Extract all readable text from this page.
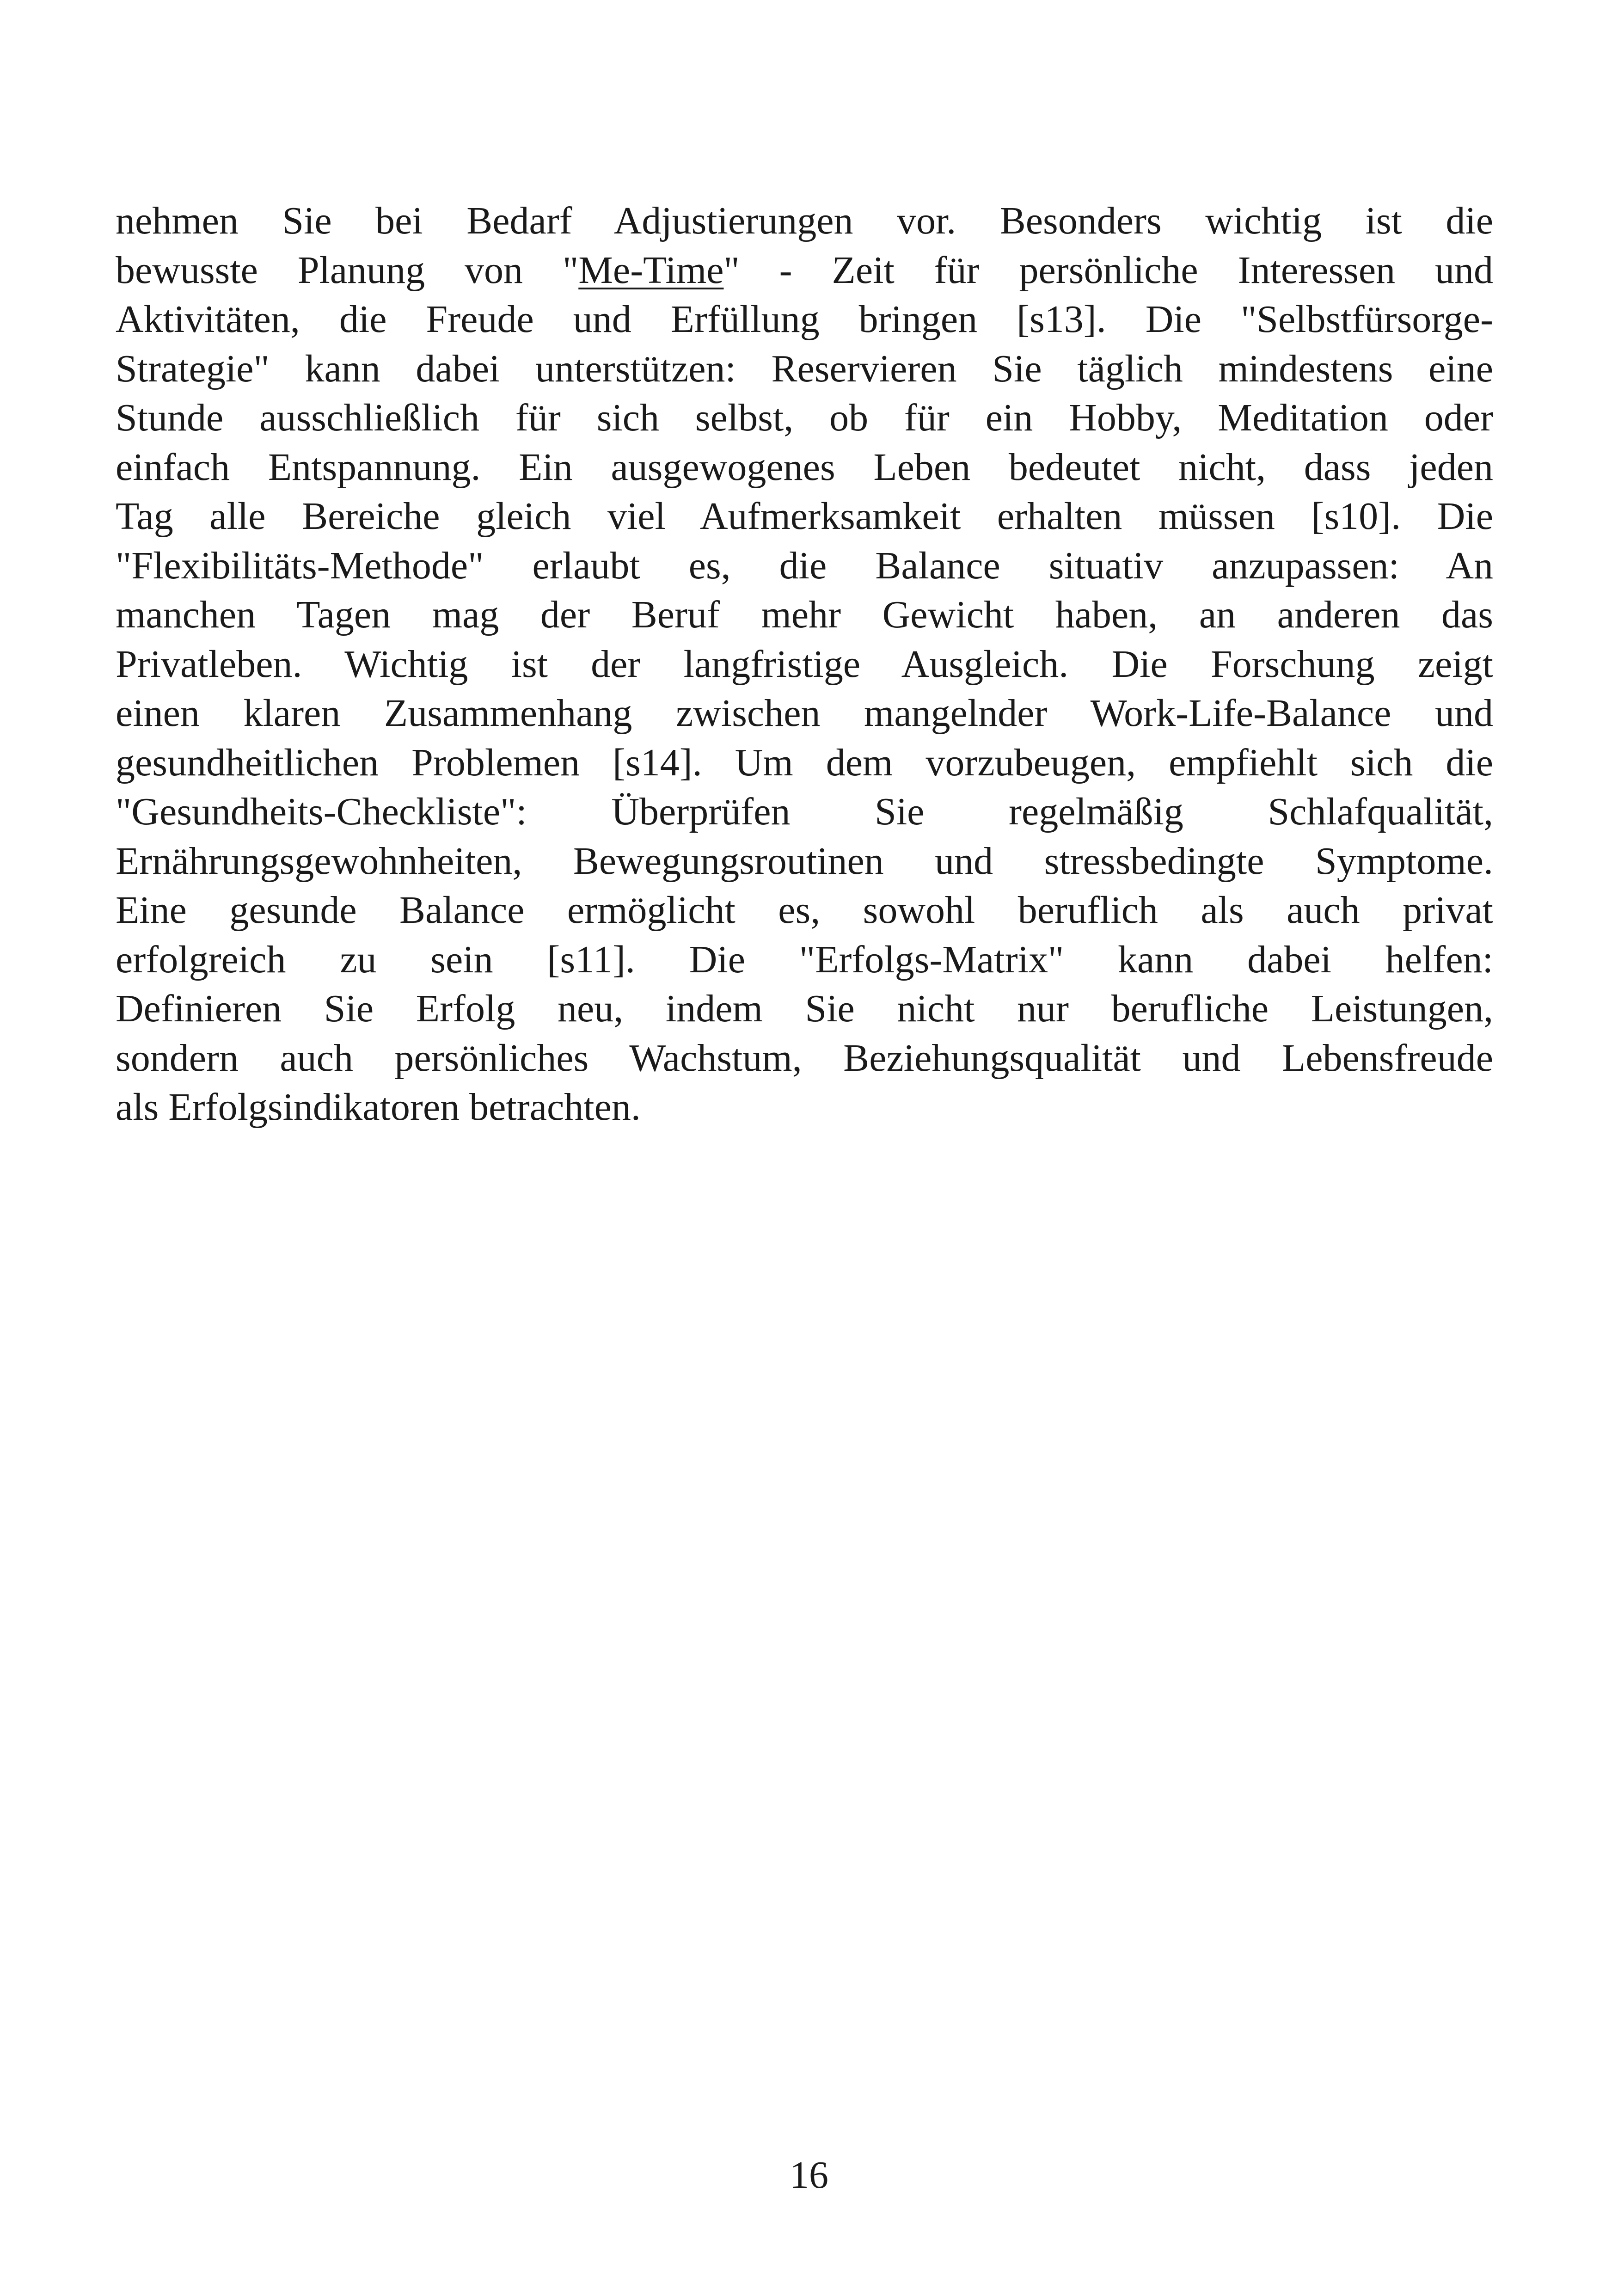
nehmen Sie bei Bedarf Adjustierungen vor. Besonders wichtig ist die
bewusste Planung von "Me-Time" - Zeit für persönliche Interessen und
Aktivitäten, die Freude und Erfüllung bringen [s13]. Die "Selbstfürsorge-
Strategie" kann dabei unterstützen: Reservieren Sie täglich mindestens eine
Stunde ausschließlich für sich selbst, ob für ein Hobby, Meditation oder
einfach Entspannung. Ein ausgewogenes Leben bedeutet nicht, dass jeden
Tag alle Bereiche gleich viel Aufmerksamkeit erhalten müssen [s10]. Die
"Flexibilitäts-Methode" erlaubt es, die Balance situativ anzupassen: An
manchen Tagen mag der Beruf mehr Gewicht haben, an anderen das
Privatleben. Wichtig ist der langfristige Ausgleich. Die Forschung zeigt
einen klaren Zusammenhang zwischen mangelnder Work-Life-Balance und
gesundheitlichen Problemen [s14]. Um dem vorzubeugen, empfiehlt sich die
"Gesundheits-Checkliste": Überprüfen Sie regelmäßig Schlafqualität,
Ernährungsgewohnheiten, Bewegungsroutinen und stressbedingte Symptome.
Eine gesunde Balance ermöglicht es, sowohl beruflich als auch privat
erfolgreich zu sein [s11]. Die "Erfolgs-Matrix" kann dabei helfen:
Definieren Sie Erfolg neu, indem Sie nicht nur berufliche Leistungen,
sondern auch persönliches Wachstum, Beziehungsqualität und Lebensfreude
als Erfolgsindikatoren betrachten.
16
